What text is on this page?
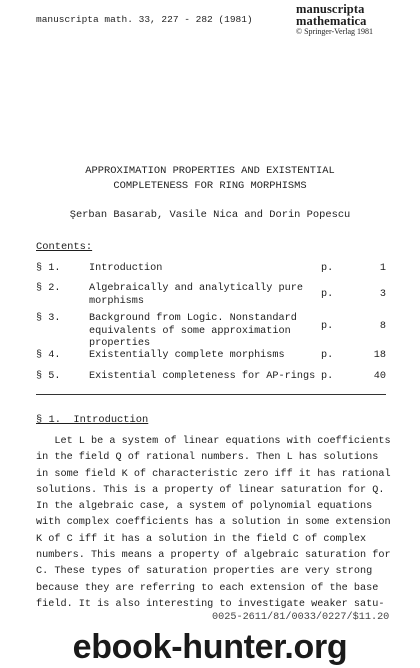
manuscripta math. 33, 227 - 282 (1981)
manuscripta
mathematica
© Springer-Verlag 1981
APPROXIMATION PROPERTIES AND EXISTENTIAL
COMPLETENESS FOR RING MORPHISMS
Şerban Basarab, Vasile Nica and Dorin Popescu
Contents:
§ 1.	Introduction	p.	1
§ 2.	Algebraically and analytically pure
morphisms
p.	3
§ 3.	Background from Logic. Nonstandard
equivalents of some approximation
properties
p.	8
§ 4.	Existentially complete morphisms	p.	18
§ 5.	Existential completeness for AP-rings p.	40
§ 1.  Introduction
Let L be a system of linear equations with coefficients
in the field Q of rational numbers. Then L has solutions
in some field K of characteristic zero iff it has rational
solutions. This is a property of linear saturation for Q.
In the algebraic case, a system of polynomial equations
with complex coefficients has a solution in some extension
K of C iff it has a solution in the field C of complex
numbers. This means a property of algebraic saturation for
C. These types of saturation properties are very strong
because they are referring to each extension of the base
field. It is also interesting to investigate weaker satu-
0025-2611/81/0033/0227/$11.20
ebook-hunter.org
